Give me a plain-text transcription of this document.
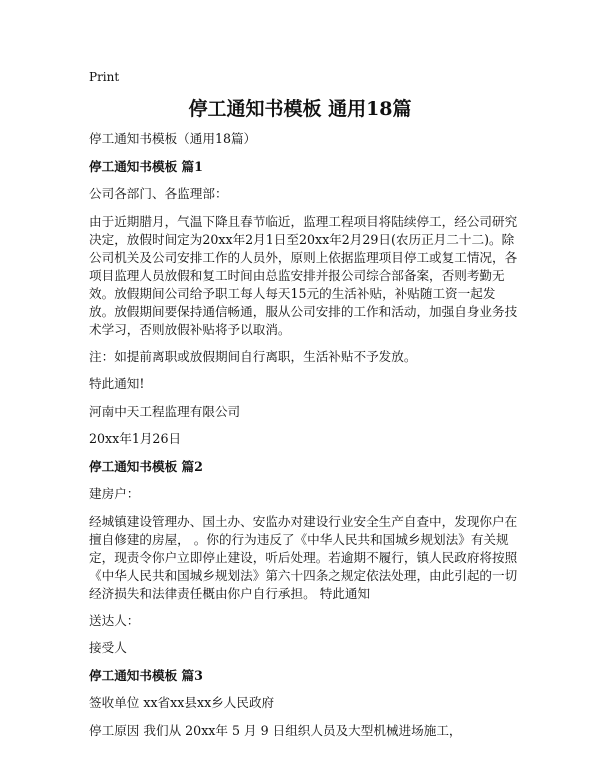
Print
停工通知书模板 通用18篇

停工通知书模板（通用18篇）

停工通知书模板 篇1

公司各部门、各监理部：

由于近期腊月，气温下降且春节临近，监理工程项目将陆续停工，经公司研究决定，放假时间定为20xx年2月1日至20xx年2月29日(农历正月二十二)。除公司机关及公司安排工作的人员外，原则上依据监理项目停工或复工情况，各项目监理人员放假和复工时间由总监安排并报公司综合部备案，否则考勤无效。放假期间公司给予职工每人每天15元的生活补贴，补贴随工资一起发放。放假期间要保持通信畅通，服从公司安排的工作和活动，加强自身业务技术学习，否则放假补贴将予以取消。

注：如提前离职或放假期间自行离职，生活补贴不予发放。

特此通知!

河南中天工程监理有限公司

20xx年1月26日

停工通知书模板 篇2

建房户：

经城镇建设管理办、国土办、安监办对建设行业安全生产自查中，发现你户在 擅自修建的房屋， 。你的行为违反了《中华人民共和国城乡规划法》有关规定，现责令你户立即停止建设，听后处理。若逾期不履行，镇人民政府将按照《中华人民共和国城乡规划法》第六十四条之规定依法处理，由此引起的一切经济损失和法律责任概由你户自行承担。 特此通知

送达人：

接受人

停工通知书模板 篇3

签收单位 xx省xx县xx乡人民政府

停工原因 我们从 20xx年 5 月 9 日组织人员及大型机械进场施工，
